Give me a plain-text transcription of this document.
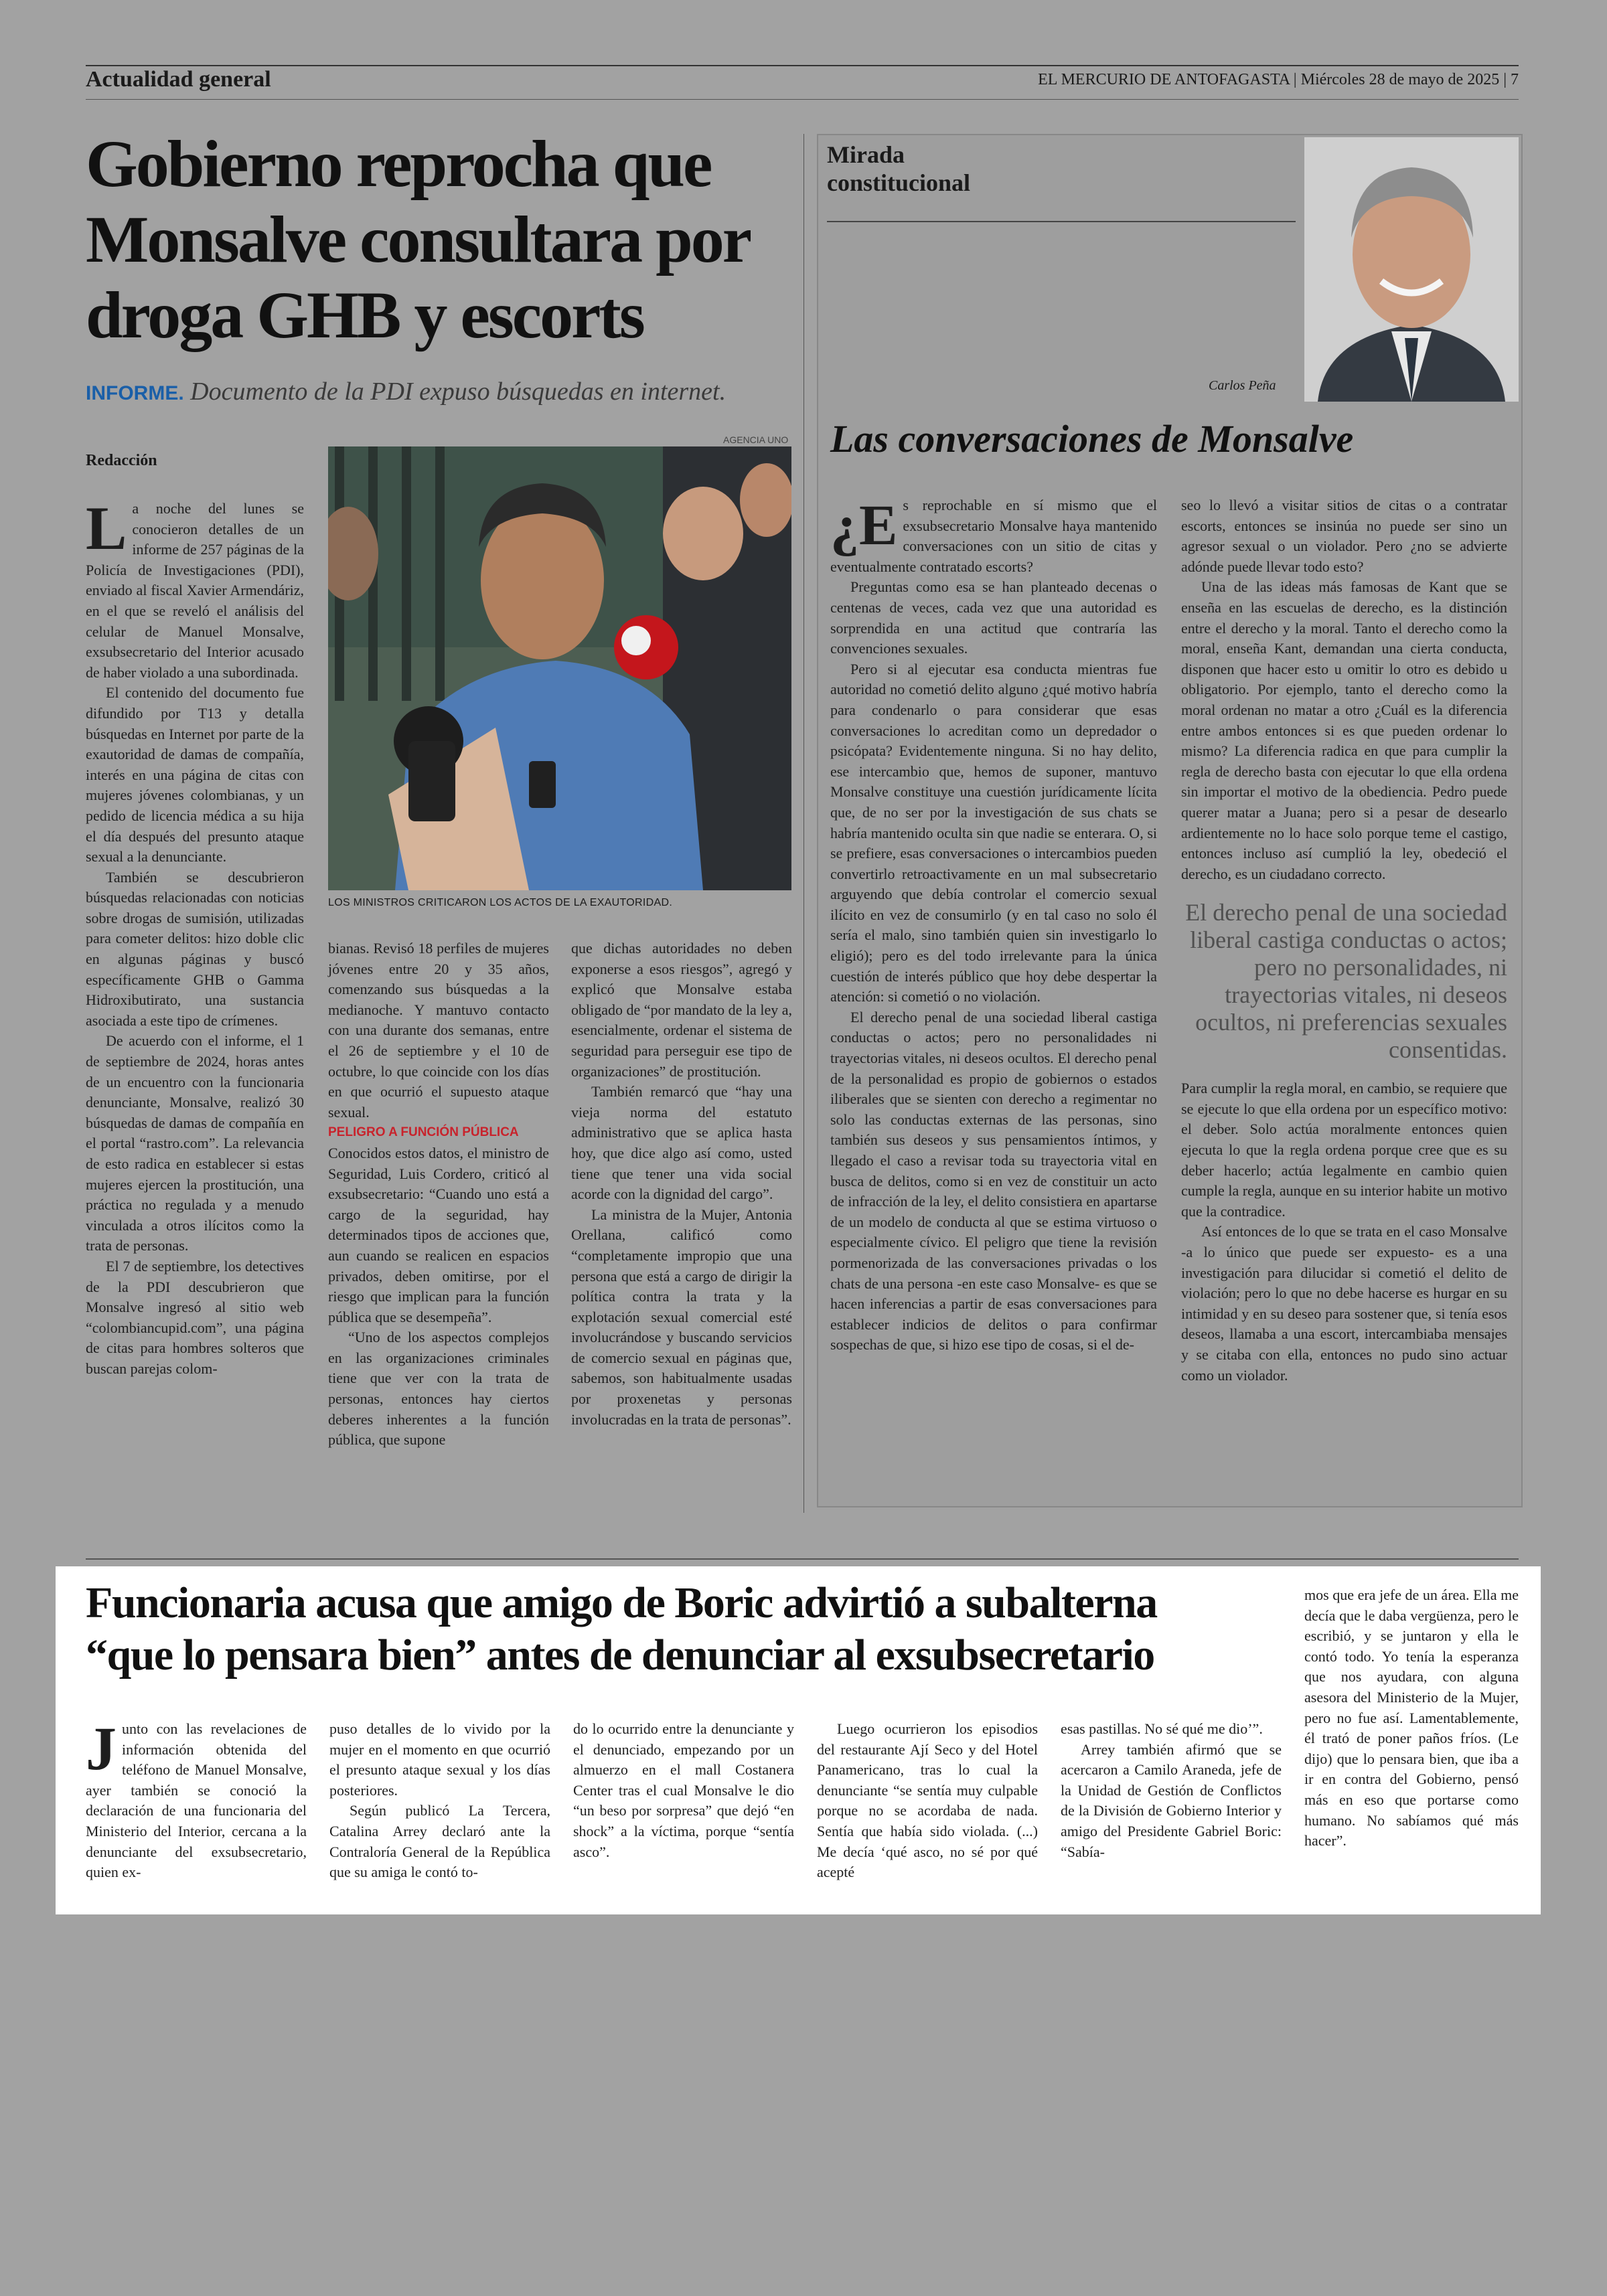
Actualidad general	EL MERCURIO DE ANTOFAGASTA | Miércoles 28 de mayo de 2025 | 7
Gobierno reprocha que Monsalve consultara por droga GHB y escorts
INFORME. Documento de la PDI expuso búsquedas en internet.
Redacción

La noche del lunes se conocieron detalles de un informe de 257 páginas de la Policía de Investigaciones (PDI), enviado al fiscal Xavier Armendáriz, en el que se reveló el análisis del celular de Manuel Monsalve, exsubsecretario del Interior acusado de haber violado a una subordinada.

El contenido del documento fue difundido por T13 y detalla búsquedas en Internet por parte de la exautoridad de damas de compañía, interés en una página de citas con mujeres jóvenes colombianas, y un pedido de licencia médica a su hija el día después del presunto ataque sexual a la denunciante.

También se descubrieron búsquedas relacionadas con noticias sobre drogas de sumisión, utilizadas para cometer delitos: hizo doble clic en algunas páginas y buscó específicamente GHB o Gamma Hidroxibutirato, una sustancia asociada a este tipo de crímenes.

De acuerdo con el informe, el 1 de septiembre de 2024, horas antes de un encuentro con la funcionaria denunciante, Monsalve, realizó 30 búsquedas de damas de compañía en el portal “rastro.com”. La relevancia de esto radica en establecer si estas mujeres ejercen la prostitución, una práctica no regulada y a menudo vinculada a otros ilícitos como la trata de personas.

El 7 de septiembre, los detectives de la PDI descubrieron que Monsalve ingresó al sitio web “colombiancupid.com”, una página de citas para hombres solteros que buscan parejas colom-

AGENCIA UNO
LOS MINISTROS CRITICARON LOS ACTOS DE LA EXAUTORIDAD.

bianas. Revisó 18 perfiles de mujeres jóvenes entre 20 y 35 años, comenzando sus búsquedas a la medianoche. Y mantuvo contacto con una durante dos semanas, entre el 26 de septiembre y el 10 de octubre, lo que coincide con los días en que ocurrió el supuesto ataque sexual.

PELIGRO A FUNCIÓN PÚBLICA

Conocidos estos datos, el ministro de Seguridad, Luis Cordero, criticó al exsubsecretario: “Cuando uno está a cargo de la seguridad, hay determinados tipos de acciones que, aun cuando se realicen en espacios privados, deben omitirse, por el riesgo que implican para la función pública que se desempeña”.

“Uno de los aspectos complejos en las organizaciones criminales tiene que ver con la trata de personas, entonces hay ciertos deberes inherentes a la función pública, que supone

que dichas autoridades no deben exponerse a esos riesgos”, agregó y explicó que Monsalve estaba obligado de “por mandato de la ley a, esencialmente, ordenar el sistema de seguridad para perseguir ese tipo de organizaciones” de prostitución.

También remarcó que “hay una vieja norma del estatuto administrativo que se aplica hasta hoy, que dice algo así como, usted tiene que tener una vida social acorde con la dignidad del cargo”.

La ministra de la Mujer, Antonia Orellana, calificó como “completamente impropio que una persona que está a cargo de dirigir la política contra la trata y la explotación sexual comercial esté involucrándose y buscando servicios de comercio sexual en páginas que, sabemos, son habitualmente usadas por proxenetas y personas involucradas en la trata de personas”.

Mirada constitucional
Carlos Peña
Las conversaciones de Monsalve

¿E s reprochable en sí mismo que el exsubsecretario Monsalve haya mantenido conversaciones con un sitio de citas y eventualmente contratado escorts?

Preguntas como esa se han planteado decenas o centenas de veces, cada vez que una autoridad es sorprendida en una actitud que contraría las convenciones sexuales.

Pero si al ejecutar esa conducta mientras fue autoridad no cometió delito alguno ¿qué motivo habría para condenarlo o para considerar que esas conversaciones lo acreditan como un depredador o psicópata? Evidentemente ninguna. Si no hay delito, ese intercambio que, hemos de suponer, mantuvo Monsalve constituye una cuestión jurídicamente lícita que, de no ser por la investigación de sus chats se habría mantenido oculta sin que nadie se enterara. O, si se prefiere, esas conversaciones o intercambios pueden convertirlo retroactivamente en un mal subsecretario arguyendo que debía controlar el comercio sexual ilícito en vez de consumirlo (y en tal caso no solo él sería el malo, sino también quien sin investigarlo lo eligió); pero es del todo irrelevante para la única cuestión de interés público que hoy debe despertar la atención: si cometió o no violación.

El derecho penal de una sociedad liberal castiga conductas o actos; pero no personalidades ni trayectorias vitales, ni deseos ocultos. El derecho penal de la personalidad es propio de gobiernos o estados iliberales que se sienten con derecho a regimentar no solo las conductas externas de las personas, sino también sus deseos y sus pensamientos íntimos, y llegado el caso a revisar toda su trayectoria vital en busca de delitos, como si en vez de constituir un acto de infracción de la ley, el delito consistiera en apartarse de un modelo de conducta al que se estima virtuoso o especialmente cívico. El peligro que tiene la revisión pormenorizada de las conversaciones privadas o los chats de una persona -en este caso Monsalve- es que se hacen inferencias a partir de esas conversaciones para establecer indicios de delitos o para confirmar sospechas de que, si hizo ese tipo de cosas, si el de-

seo lo llevó a visitar sitios de citas o a contratar escorts, entonces se insinúa no puede ser sino un agresor sexual o un violador. Pero ¿no se advierte adónde puede llevar todo esto?

Una de las ideas más famosas de Kant que se enseña en las escuelas de derecho, es la distinción entre el derecho y la moral. Tanto el derecho como la moral, enseña Kant, demandan una cierta conducta, disponen que hacer esto u omitir lo otro es debido u obligatorio. Por ejemplo, tanto el derecho como la moral ordenan no matar a otro ¿Cuál es la diferencia entre ambos entonces si es que pueden ordenar lo mismo? La diferencia radica en que para cumplir la regla de derecho basta con ejecutar lo que ella ordena sin importar el motivo de la obediencia. Pedro puede querer matar a Juana; pero si a pesar de desearlo ardientemente no lo hace solo porque teme el castigo, entonces incluso así cumplió la ley, obedeció el derecho, es un ciudadano correcto.

El derecho penal de una sociedad liberal castiga conductas o actos; pero no personalidades, ni trayectorias vitales, ni deseos ocultos, ni preferencias sexuales consentidas.

Para cumplir la regla moral, en cambio, se requiere que se ejecute lo que ella ordena por un específico motivo: el deber. Solo actúa moralmente entonces quien ejecuta lo que la regla ordena porque cree que es su deber hacerlo; actúa legalmente en cambio quien cumple la regla, aunque en su interior habite un motivo que la contradice.

Así entonces de lo que se trata en el caso Monsalve -a lo único que puede ser expuesto- es a una investigación para dilucidar si cometió el delito de violación; pero lo que no debe hacerse es hurgar en su intimidad y en su deseo para sostener que, si tenía esos deseos, llamaba a una escort, intercambiaba mensajes y se citaba con ella, entonces no pudo sino actuar como un violador.

Funcionaria acusa que amigo de Boric advirtió a subalterna
“que lo pensara bien” antes de denunciar al exsubsecretario

Junto con las revelaciones de información obtenida del teléfono de Manuel Monsalve, ayer también se conoció la declaración de una funcionaria del Ministerio del Interior, cercana a la denunciante del exsubsecretario, quien ex-

puso detalles de lo vivido por la mujer en el momento en que ocurrió el presunto ataque sexual y los días posteriores.

Según publicó La Tercera, Catalina Arrey declaró ante la Contraloría General de la República que su amiga le contó to-

do lo ocurrido entre la denunciante y el denunciado, empezando por un almuerzo en el mall Costanera Center tras el cual Monsalve le dio “un beso por sorpresa” que dejó “en shock” a la víctima, porque “sentía asco”.

Luego ocurrieron los episodios del restaurante Ají Seco y del Hotel Panamericano, tras lo cual la denunciante “se sentía muy culpable porque no se acordaba de nada. Sentía que había sido violada. (...) Me decía ‘qué asco, no sé por qué acepté

esas pastillas. No sé qué me dio’”.

Arrey también afirmó que se acercaron a Camilo Araneda, jefe de la Unidad de Gestión de Conflictos de la División de Gobierno Interior y amigo del Presidente Gabriel Boric: “Sabía-

mos que era jefe de un área. Ella me decía que le daba vergüenza, pero le escribió, y se juntaron y ella le contó todo. Yo tenía la esperanza que nos ayudara, con alguna asesora del Ministerio de la Mujer, pero no fue así. Lamentablemente, él trató de poner paños fríos. (Le dijo) que lo pensara bien, que iba a ir en contra del Gobierno, pensó más en eso que portarse como humano. No sabíamos qué más hacer”.
